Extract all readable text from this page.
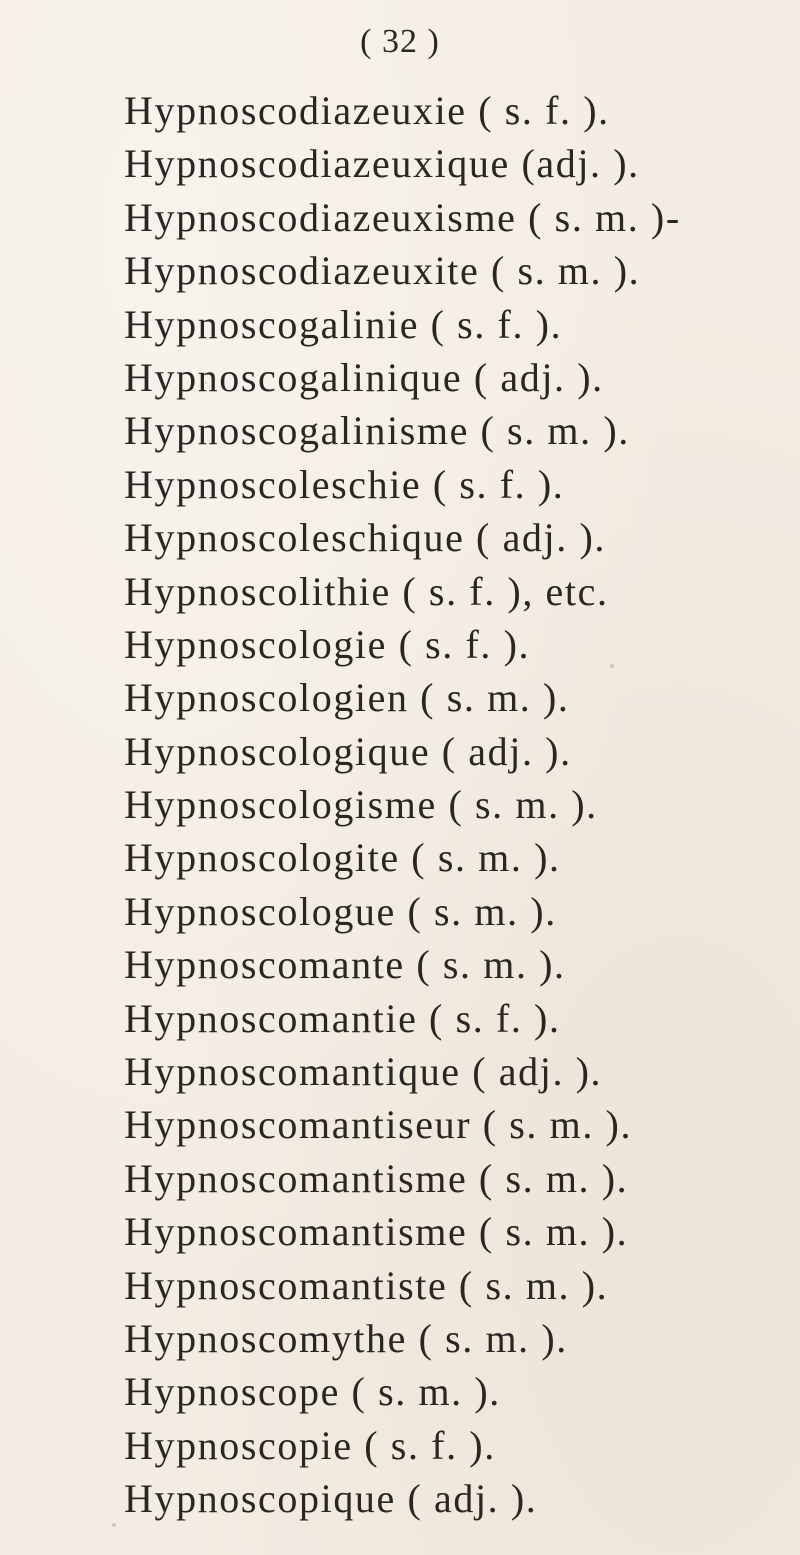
( 32 )
Hypnoscodiazeuxie ( s. f. ).
Hypnoscodiazeuxique (adj. ).
Hypnoscodiazeuxisme ( s. m. )-
Hypnoscodiazeuxite ( s. m. ).
Hypnoscogalinie ( s. f. ).
Hypnoscogalinique ( adj. ).
Hypnoscogalinisme ( s. m. ).
Hypnoscoleschie ( s. f. ).
Hypnoscoleschique ( adj. ).
Hypnoscolithie ( s. f. ), etc.
Hypnoscologie ( s. f. ).
Hypnoscologien ( s. m. ).
Hypnoscologique ( adj. ).
Hypnoscologisme ( s. m. ).
Hypnoscologite ( s. m. ).
Hypnoscologue ( s. m. ).
Hypnoscomante ( s. m. ).
Hypnoscomantie ( s. f. ).
Hypnoscomantique ( adj. ).
Hypnoscomantiseur ( s. m. ).
Hypnoscomantisme ( s. m. ).
Hypnoscomantisme ( s. m. ).
Hypnoscomantiste ( s. m. ).
Hypnoscomythe ( s. m. ).
Hypnoscope ( s. m. ).
Hypnoscopie ( s. f. ).
Hypnoscopique ( adj. ).
